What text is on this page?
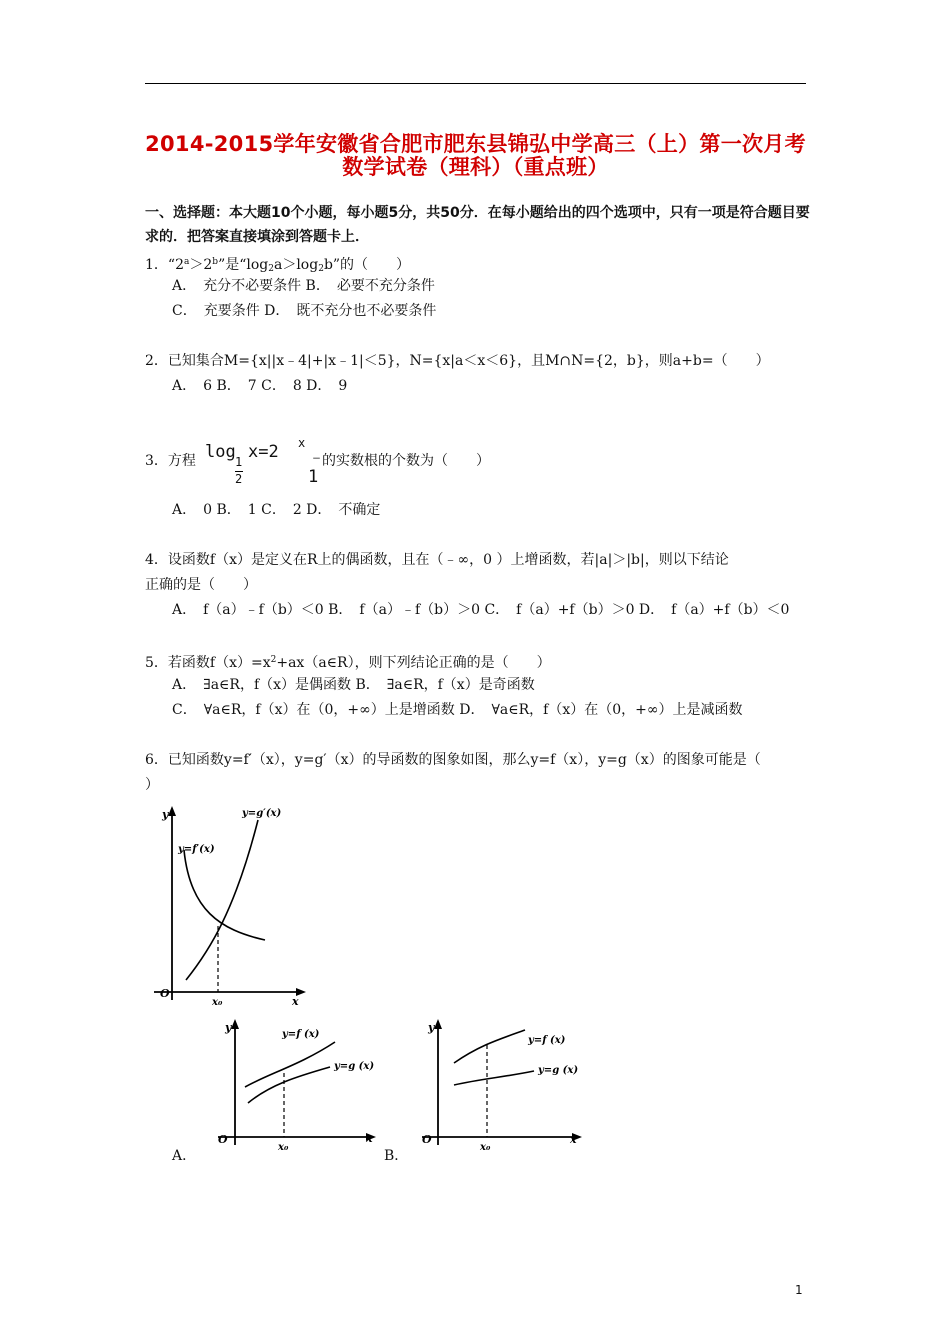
2014-2015学年安徽省合肥市肥东县锦弘中学高三（上）第一次月考
数学试卷（理科）（重点班）
一、选择题：本大题10个小题，每小题5分，共50分．在每小题给出的四个选项中，只有一项是符合题目要求的．把答案直接填涂到答题卡上．
1．“$2^a>2^b$”是“$\log_2a>\log_2b$”的（　　）
A．　充分不必要条件 B．　必要不充分条件
C．　充要条件 D．　既不充分也不必要条件
2．已知集合M={x||x﹣4|+|x﹣1|＜5}，N={x|a＜x＜6}，且M∩N={2，b}，则a+b=（　　）
A．　6 B．　7 C．　8 D．　9
3．方程 log 1
2
x=2 x
﹣1
的实数根的个数为（　　）
A．　0 B．　1 C．　2 D．　不确定
4．设函数f（x）是定义在R上的偶函数，且在（﹣∞，0 ）上增函数，若|a|＞|b|，则以下结论
正确的是（　　）
A．　f（a）﹣f（b）＜0 B．　f（a）﹣f（b）＞0 C．　f（a）+f（b）＞0 D．　f（a）+f（b）＜0
5．若函数$f(x)=x^2+ax(a\in R)$，则下列结论正确的是（　　）
A．　∃a∈R，f（x）是偶函数 B．　∃a∈R，f（x）是奇函数
C．　∀a∈R，f（x）在（0，+∞）上是增函数 D．　∀a∈R，f（x）在（0，+∞）上是减函数
6．已知函数y=f′（x），y=g′（x）的导函数的图象如图，那么y=f（x），y=g（x）的图象可能是（
）
y
x
O
x₀
y=f′(x)
y=g′(x)
y
x
O
x₀
y=f (x)
y=g (x)
y
x
O
x₀
y=f (x)
y=g (x)
A．	B．
1
